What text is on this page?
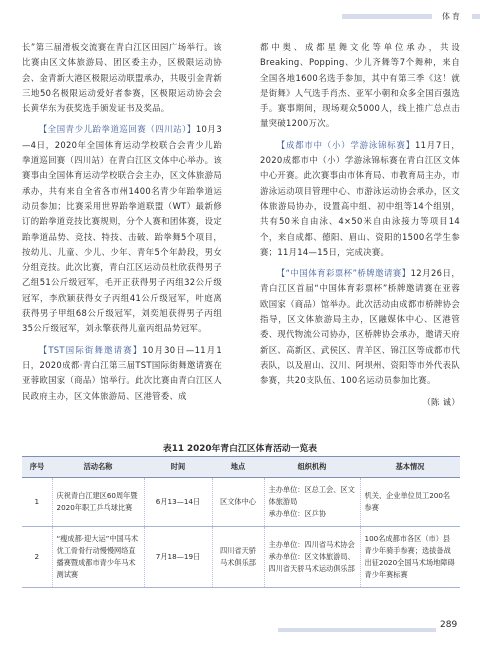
体育

长”第三届滑板交流赛在青白江区田园广场举行。该比赛由区文体旅游局、团区委主办，区极限运动协会、金青新大港区极限运动联盟承办，共吸引金青新三地50名极限运动爱好者参赛，区极限运动协会会长黄华东为获奖选手颁发证书及奖品。

【全国青少儿跆拳道巡回赛（四川站）】10月3—4日，2020年全国体育运动学校联合会青少儿跆拳道巡回赛（四川站）在青白江区文体中心举办。该赛事由全国体育运动学校联合会主办，区文体旅游局承办，共有来自全省各市州1400名青少年跆拳道运动员参加；比赛采用世界跆拳道联盟（WT）最新修订的跆拳道竞技比赛规则，分个人赛和团体赛，设定跆拳道品势、竞技、特技、击破、跆拳舞5个项目，按幼儿、儿童、少儿、少年、青年5个年龄段，男女分组竞技。此次比赛，青白江区运动员杜欣获得男子乙组51公斤级冠军，毛开正获得男子丙组32公斤级冠军，李欣颖获得女子丙组41公斤级冠军，叶庭离获得男子甲组68公斤级冠军，刘奕旭获得男子丙组35公斤级冠军，刘永擎获得儿童丙组品势冠军。

【TST国际街舞邀请赛】10月30日—11月1日，2020成都·青白江第三届TST国际街舞邀请赛在亚蓉欧国家（商品）馆举行。此次比赛由青白江区人民政府主办，区文体旅游局、区港管委、成

都中奥、成都星舞文化等单位承办，共设Breaking、Popping、少儿齐舞等7个舞种，来自全国各地1600名选手参加，其中有第三季《这！就是街舞》人气选手肖杰、亚军小朝和众多全国百强选手。赛事期间，现场观众5000人，线上推广总点击量突破1200万次。

【成都市中（小）学游泳锦标赛】11月7日，2020成都市中（小）学游泳锦标赛在青白江区文体中心开赛。此次赛事由市体育局、市教育局主办，市游泳运动项目管理中心、市游泳运动协会承办，区文体旅游局协办，设置高中组、初中组等14个组别，共有50米自由泳、4×50米自由泳接力等项目14个，来自成都、德阳、眉山、资阳的1500名学生参赛；11月14—15日，完成决赛。

【“中国体育彩票杯”桥牌邀请赛】12月26日，青白江区首届“中国体育彩票杯”桥牌邀请赛在亚蓉欧国家（商品）馆举办。此次活动由成都市桥牌协会指导，区文体旅游局主办，区融媒体中心、区港管委、现代物流公司协办，区桥牌协会承办，邀请天府新区、高新区、武侯区、青羊区、锦江区等成都市代表队，以及眉山、汉川、阿坝州、资阳等市外代表队参赛，共20支队伍、100名运动员参加比赛。

（陈 诚）
表11 2020年青白江区体育活动一览表
序号	活动名称	时间	地点	组织机构	基本情况
1	庆祝青白江建区60周年暨2020年职工乒乓球比赛	6月13—14日	区文体中心	主办单位：区总工会、区文体旅游局
承办单位：区乒协	机关、企业单位员工200名参赛
2	“瘦成都·迎大运”中国马术优工骨骨行动慢慢网络直播赛暨成都市青少年马术测试赛	7月18—19日	四川省天骄马术俱乐部	主办单位：四川省马术协会
承办单位：区文体旅游局、四川省天骄马术运动俱乐部	100名成都市各区（市）县青少年骑手参赛；选拔备战出征2020全国马术场地障碍青少年赛标赛
289
